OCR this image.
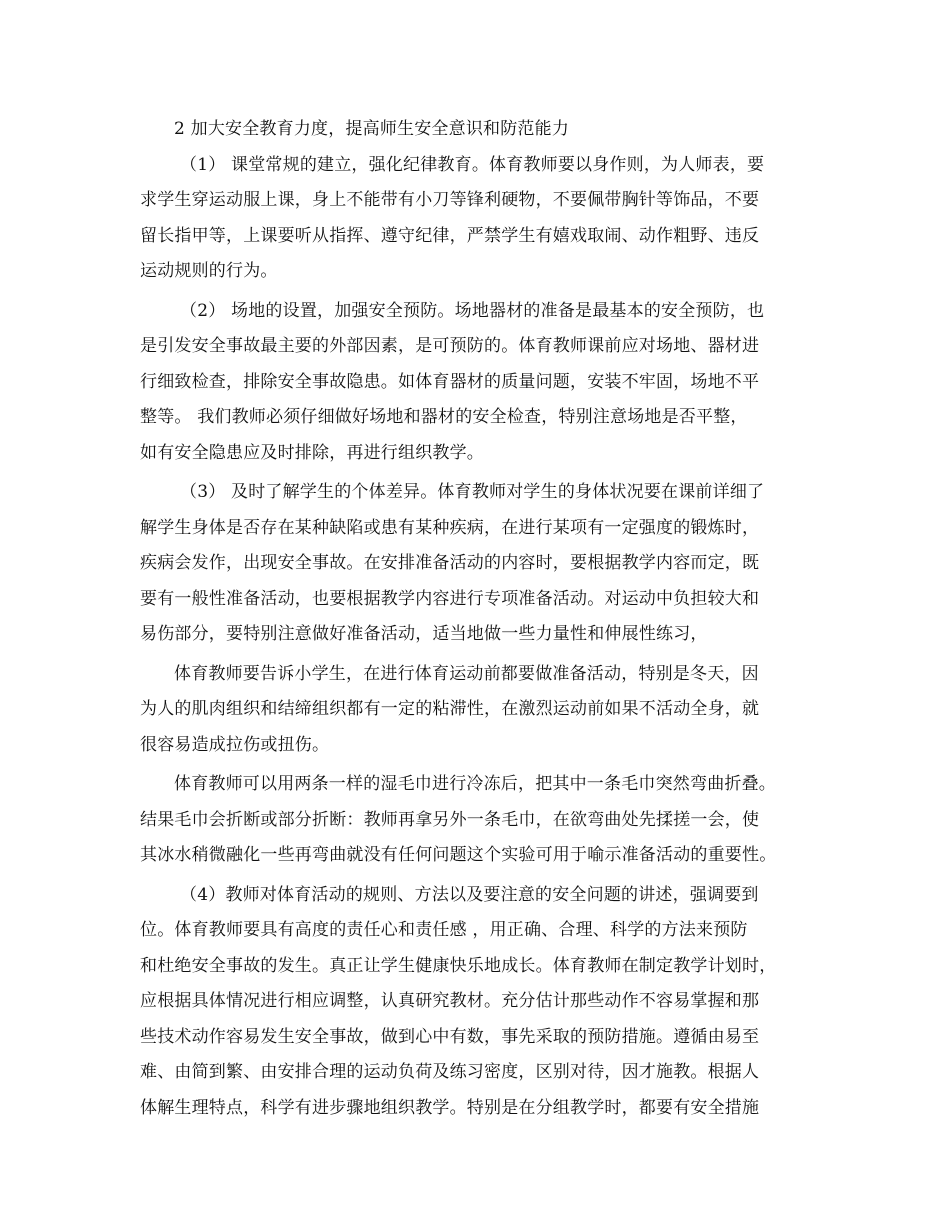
2 加大安全教育力度，提高师生安全意识和防范能力
（1） 课堂常规的建立，强化纪律教育。体育教师要以身作则，为人师表，要
求学生穿运动服上课，身上不能带有小刀等锋利硬物，不要佩带胸针等饰品，不要
留长指甲等，上课要听从指挥、遵守纪律，严禁学生有嬉戏取闹、动作粗野、违反
运动规则的行为。
（2） 场地的设置，加强安全预防。场地器材的准备是最基本的安全预防，也
是引发安全事故最主要的外部因素，是可预防的。体育教师课前应对场地、器材进
行细致检查，排除安全事故隐患。如体育器材的质量问题，安装不牢固，场地不平
整等。 我们教师必须仔细做好场地和器材的安全检查，特别注意场地是否平整，
如有安全隐患应及时排除，再进行组织教学。
（3） 及时了解学生的个体差异。体育教师对学生的身体状况要在课前详细了
解学生身体是否存在某种缺陷或患有某种疾病，在进行某项有一定强度的锻炼时，
疾病会发作，出现安全事故。在安排准备活动的内容时，要根据教学内容而定，既
要有一般性准备活动，也要根据教学内容进行专项准备活动。对运动中负担较大和
易伤部分，要特别注意做好准备活动，适当地做一些力量性和伸展性练习，
体育教师要告诉小学生，在进行体育运动前都要做准备活动，特别是冬天，因
为人的肌肉组织和结缔组织都有一定的粘滞性，在激烈运动前如果不活动全身，就
很容易造成拉伤或扭伤。
体育教师可以用两条一样的湿毛巾进行冷冻后，把其中一条毛巾突然弯曲折叠。
结果毛巾会折断或部分折断：教师再拿另外一条毛巾，在欲弯曲处先揉搓一会，使
其冰水稍微融化一些再弯曲就没有任何问题这个实验可用于喻示准备活动的重要性。
（4）教师对体育活动的规则、方法以及要注意的安全问题的讲述，强调要到
位。体育教师要具有高度的责任心和责任感 ，用正确、合理、科学的方法来预防
和杜绝安全事故的发生。真正让学生健康快乐地成长。体育教师在制定教学计划时，
应根据具体情况进行相应调整，认真研究教材。充分估计那些动作不容易掌握和那
些技术动作容易发生安全事故，做到心中有数，事先采取的预防措施。遵循由易至
难、由简到繁、由安排合理的运动负荷及练习密度，区别对待，因才施教。根据人
体解生理特点，科学有进步骤地组织教学。特别是在分组教学时，都要有安全措施
